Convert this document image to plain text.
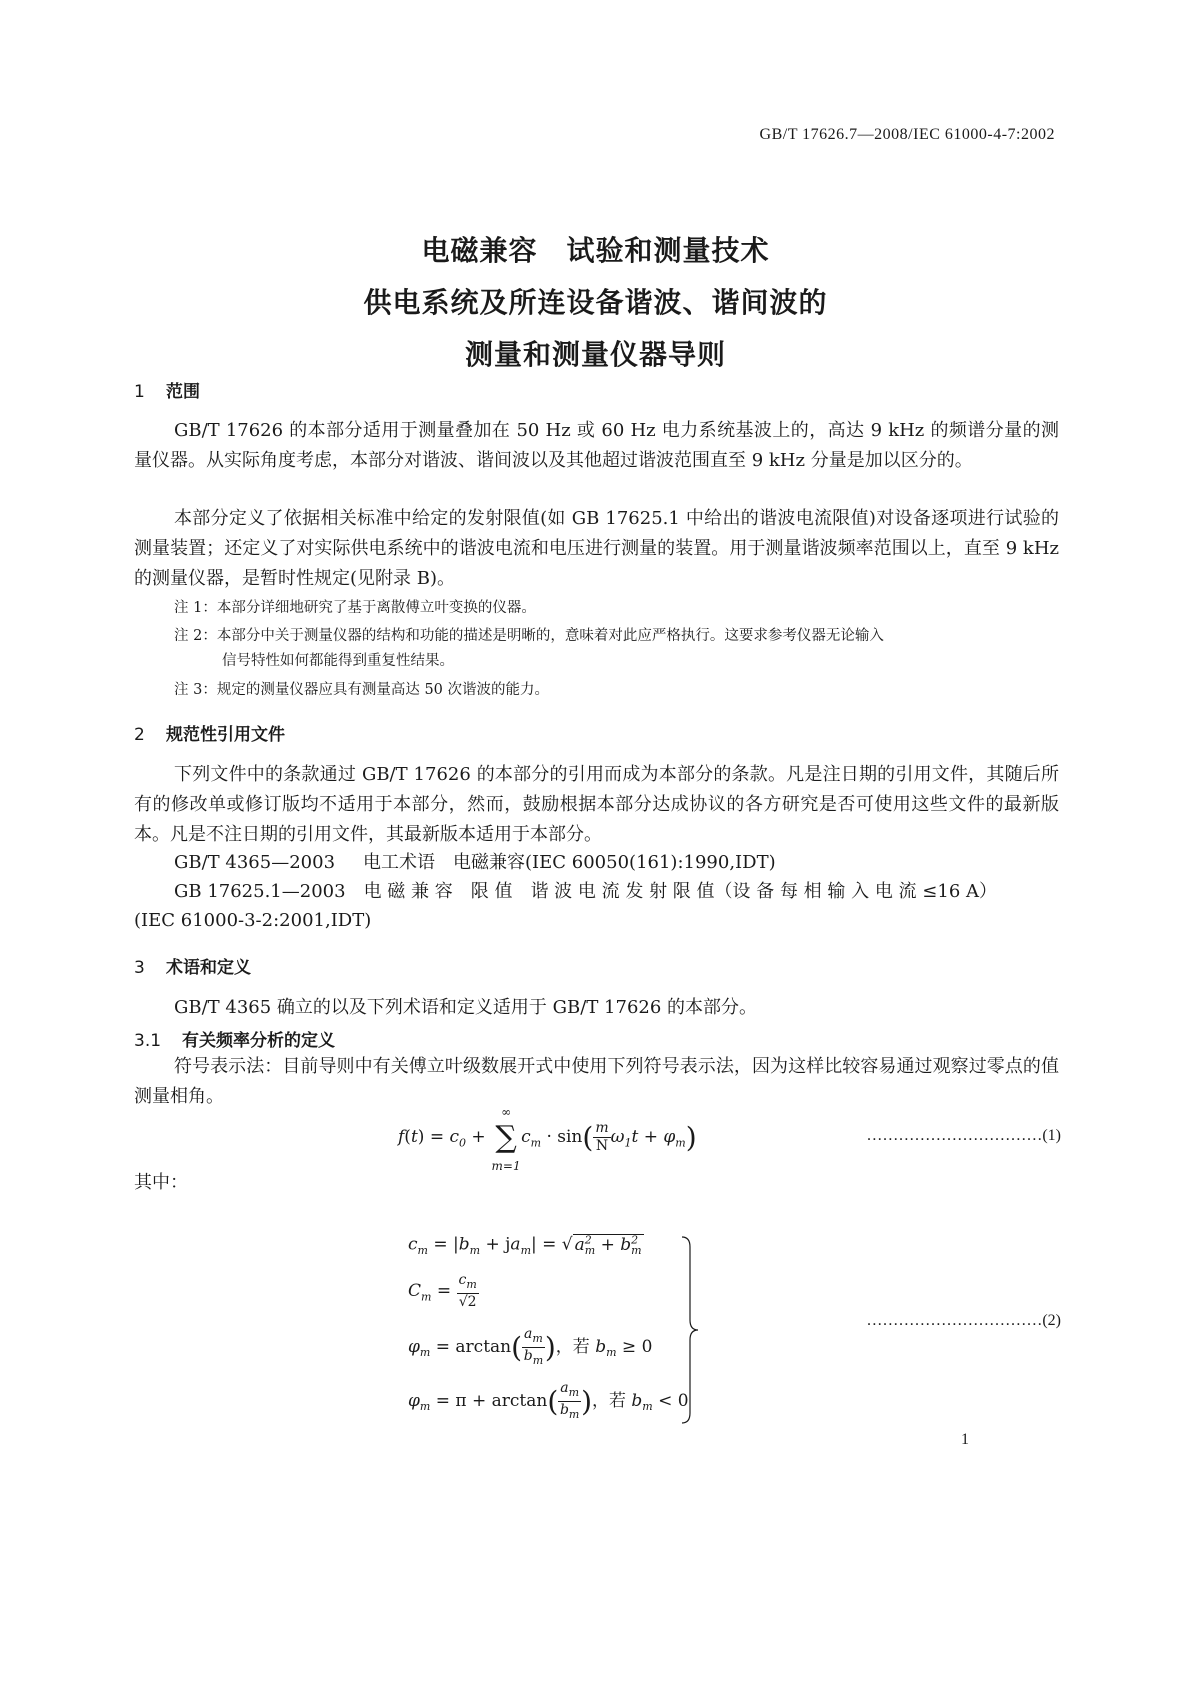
GB/T 17626.7—2008/IEC 61000-4-7:2002

电磁兼容　试验和测量技术

供电系统及所连设备谐波、谐间波的

测量和测量仪器导则

1 范围

GB/T 17626 的本部分适用于测量叠加在 50 Hz 或 60 Hz 电力系统基波上的，高达 9 kHz 的频谱分量的测量仪器。从实际角度考虑，本部分对谐波、谐间波以及其他超过谐波范围直至 9 kHz 分量是加以区分的。

本部分定义了依据相关标准中给定的发射限值(如 GB 17625.1 中给出的谐波电流限值)对设备逐项进行试验的测量装置；还定义了对实际供电系统中的谐波电流和电压进行测量的装置。用于测量谐波频率范围以上，直至 9 kHz 的测量仪器，是暂时性规定(见附录 B)。

注 1：本部分详细地研究了基于离散傅立叶变换的仪器。
注 2：本部分中关于测量仪器的结构和功能的描述是明晰的，意味着对此应严格执行。这要求参考仪器无论输入
信号特性如何都能得到重复性结果。
注 3：规定的测量仪器应具有测量高达 50 次谐波的能力。
2 规范性引用文件

下列文件中的条款通过 GB/T 17626 的本部分的引用而成为本部分的条款。凡是注日期的引用文件，其随后所有的修改单或修订版均不适用于本部分，然而，鼓励根据本部分达成协议的各方研究是否可使用这些文件的最新版本。凡是不注日期的引用文件，其最新版本适用于本部分。

GB/T 4365—2003 电工术语　电磁兼容(IEC 60050(161):1990,IDT)
GB 17625.1—2003　电 磁 兼 容　限 值　谐 波 电 流 发 射 限 值（设 备 每 相 输 入 电 流 ≤16 A）
(IEC 61000-3-2:2001,IDT)
3 术语和定义

GB/T 4365 确立的以及下列术语和定义适用于 GB/T 17626 的本部分。

3.1 有关频率分析的定义

符号表示法：目前导则中有关傅立叶级数展开式中使用下列符号表示法，因为这样比较容易通过观察过零点的值测量相角。

$f(t) = c_0$ +
∞
∑
m=1
$c_m \cdot \sin( \frac{m}{N} \omega_1t + \varphi_m)$	……………………………(1)
其中：
$c_m = |b_m + ja_m|$ = √ $a^2_m + b^2_m$
$C_m = \frac{c_m}{√2}$
$\varphi_m = \arctan( \frac{a_m}{b_m}$ )，若 $b_m \ge 0$
$\varphi_m = \pi + \arctan( \frac{a_m}{b_m}$ )，若 $b_m < 0$
……………………………(2)
1
